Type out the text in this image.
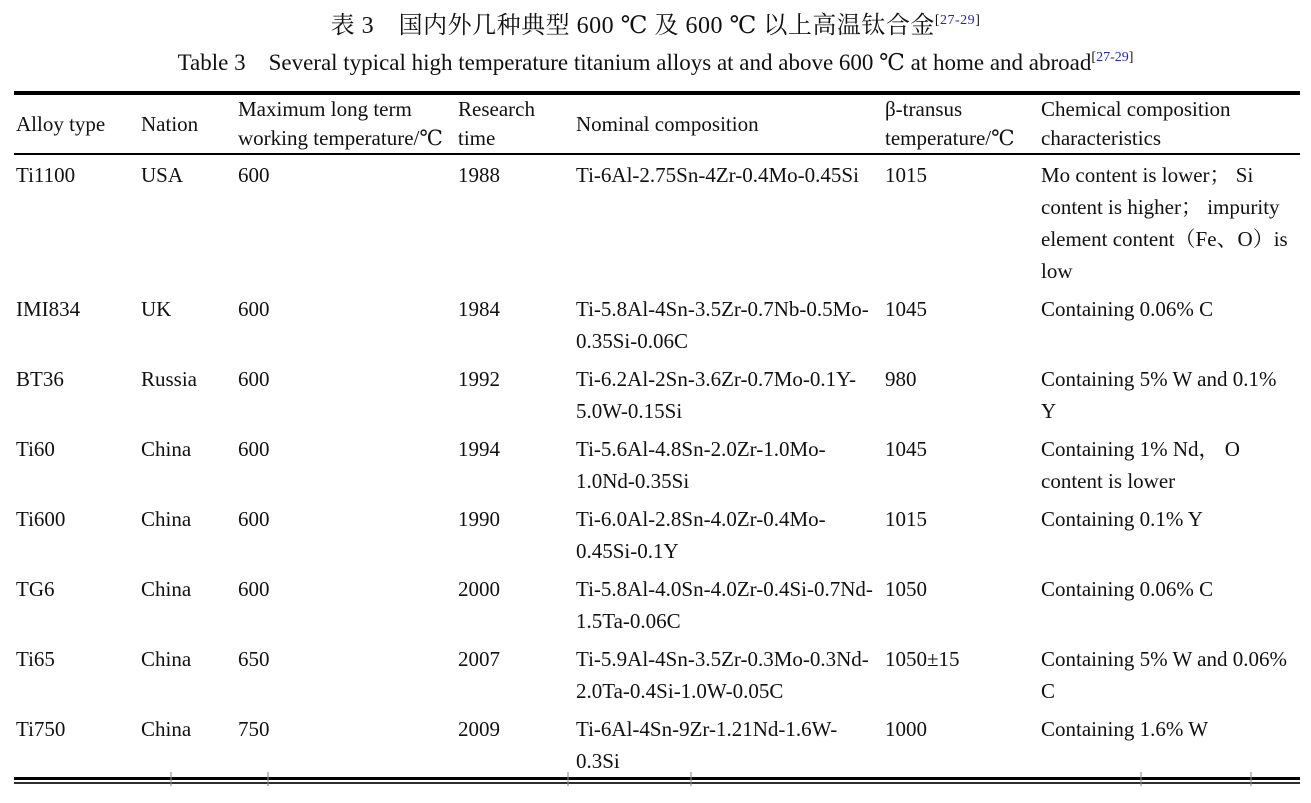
表 3　国内外几种典型 600 ℃ 及 600 ℃ 以上高温钛合金[27-29]
Table 3　Several typical high temperature titanium alloys at and above 600 ℃ at home and abroad[27-29]
Alloy type	Nation	Maximum long term working temperature/℃	Research time	Nominal composition	β-transus temperature/℃	Chemical composition characteristics
Ti1100	USA	600	1988	Ti-6Al-2.75Sn-4Zr-0.4Mo-0.45Si	1015	Mo content is lower； Si content is higher； impurity element content（Fe、O）is low
IMI834	UK	600	1984	Ti-5.8Al-4Sn-3.5Zr-0.7Nb-0.5Mo-0.35Si-0.06C	1045	Containing 0.06% C
BT36	Russia	600	1992	Ti-6.2Al-2Sn-3.6Zr-0.7Mo-0.1Y-5.0W-0.15Si	980	Containing 5% W and 0.1% Y
Ti60	China	600	1994	Ti-5.6Al-4.8Sn-2.0Zr-1.0Mo-1.0Nd-0.35Si	1045	Containing 1% Nd， O content is lower
Ti600	China	600	1990	Ti-6.0Al-2.8Sn-4.0Zr-0.4Mo-0.45Si-0.1Y	1015	Containing 0.1% Y
TG6	China	600	2000	Ti-5.8Al-4.0Sn-4.0Zr-0.4Si-0.7Nd-1.5Ta-0.06C	1050	Containing 0.06% C
Ti65	China	650	2007	Ti-5.9Al-4Sn-3.5Zr-0.3Mo-0.3Nd-2.0Ta-0.4Si-1.0W-0.05C	1050±15	Containing 5% W and 0.06% C
Ti750	China	750	2009	Ti-6Al-4Sn-9Zr-1.21Nd-1.6W-0.3Si	1000	Containing 1.6% W
